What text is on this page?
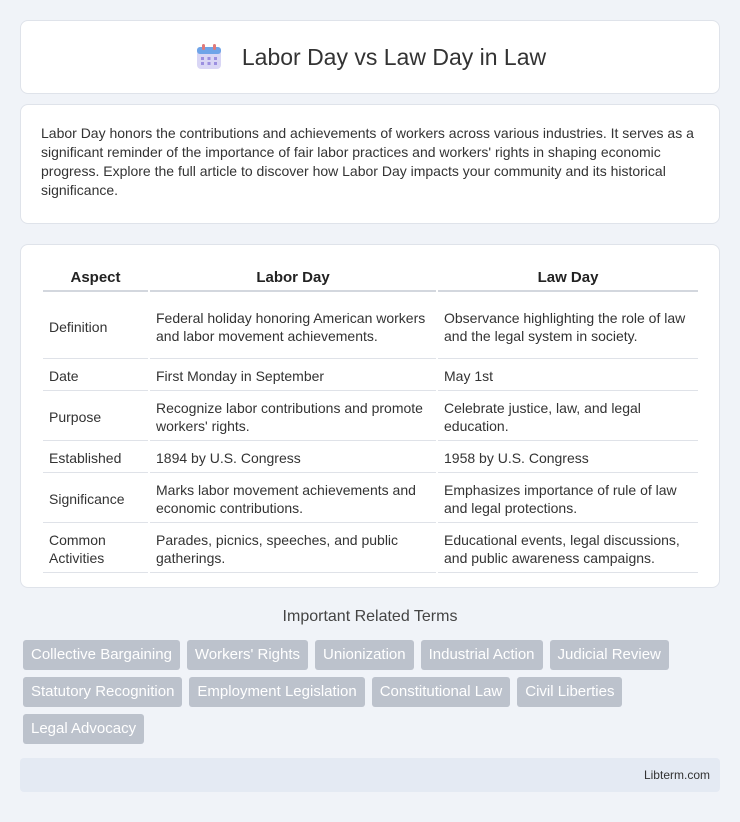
Labor Day vs Law Day in Law

Labor Day honors the contributions and achievements of workers across various industries. It serves as a significant reminder of the importance of fair labor practices and workers' rights in shaping economic progress. Explore the full article to discover how Labor Day impacts your community and its historical significance.

Aspect	Labor Day	Law Day
Definition	Federal holiday honoring American workers and labor movement achievements.	Observance highlighting the role of law and the legal system in society.
Date	First Monday in September	May 1st
Purpose	Recognize labor contributions and promote workers' rights.	Celebrate justice, law, and legal education.
Established	1894 by U.S. Congress	1958 by U.S. Congress
Significance	Marks labor movement achievements and economic contributions.	Emphasizes importance of rule of law and legal protections.
Common Activities	Parades, picnics, speeches, and public gatherings.	Educational events, legal discussions, and public awareness campaigns.
Important Related Terms
Collective Bargaining	Workers' Rights	Unionization	Industrial Action	Judicial Review
Statutory Recognition	Employment Legislation	Constitutional Law	Civil Liberties
Legal Advocacy
Libterm.com
